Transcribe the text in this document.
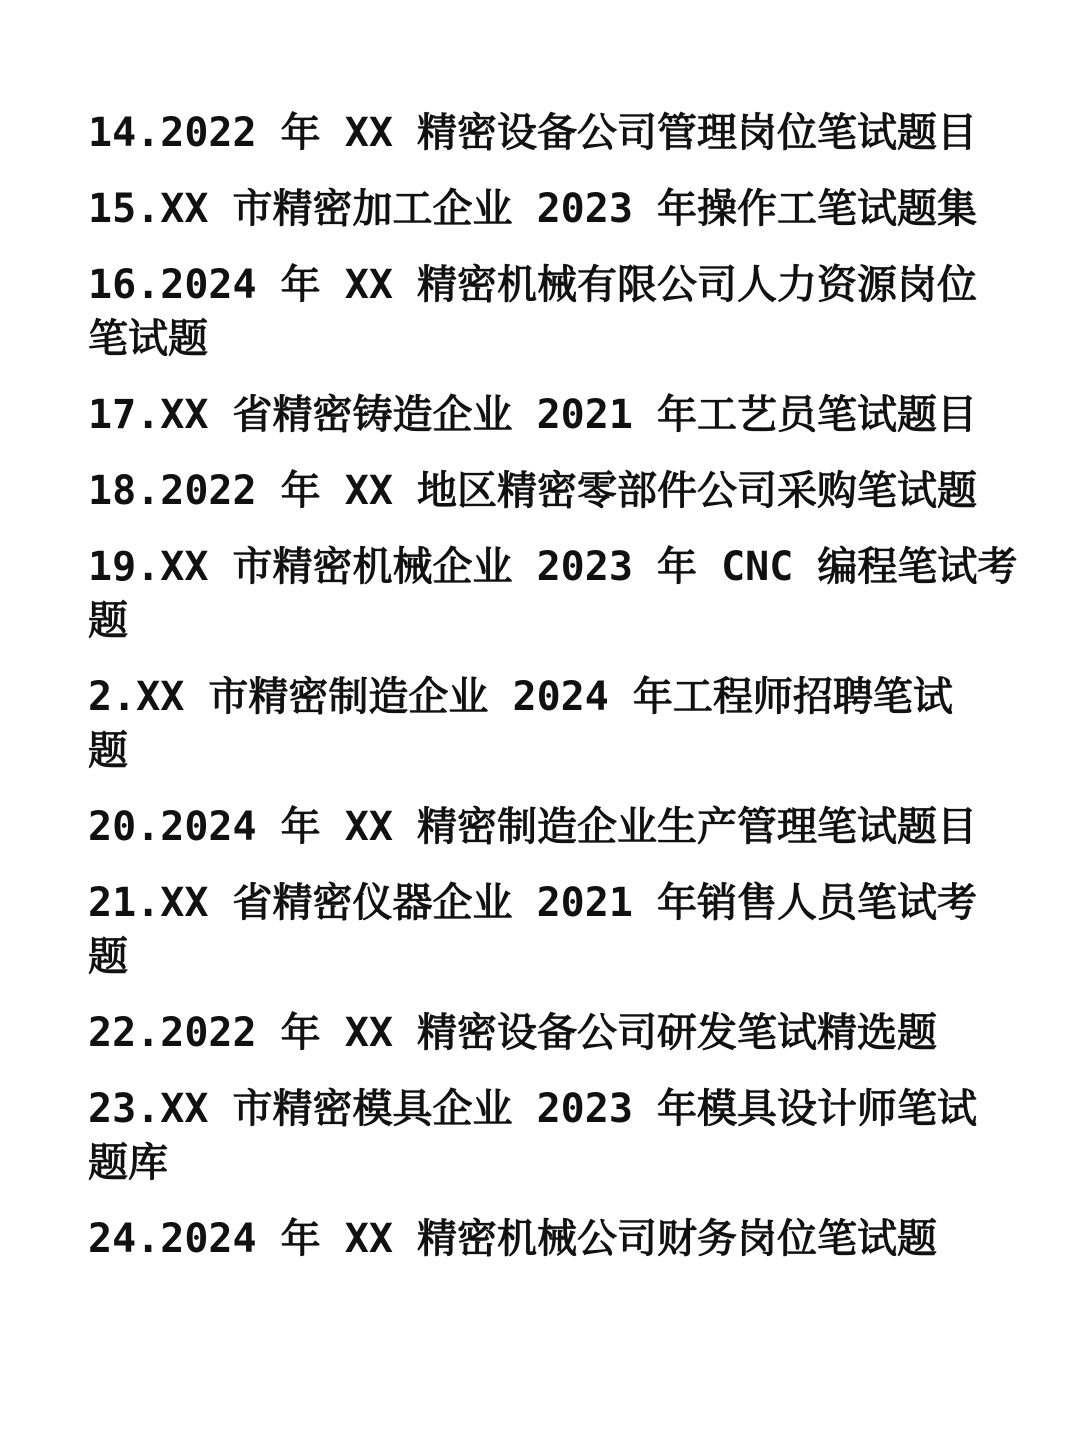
14.2022 年 XX 精密设备公司管理岗位笔试题目

15.XX 市精密加工企业 2023 年操作工笔试题集

16.2024 年 XX 精密机械有限公司人力资源岗位
笔试题

17.XX 省精密铸造企业 2021 年工艺员笔试题目

18.2022 年 XX 地区精密零部件公司采购笔试题

19.XX 市精密机械企业 2023 年 CNC 编程笔试考
题

2.XX 市精密制造企业 2024 年工程师招聘笔试
题

20.2024 年 XX 精密制造企业生产管理笔试题目

21.XX 省精密仪器企业 2021 年销售人员笔试考
题

22.2022 年 XX 精密设备公司研发笔试精选题

23.XX 市精密模具企业 2023 年模具设计师笔试
题库

24.2024 年 XX 精密机械公司财务岗位笔试题
